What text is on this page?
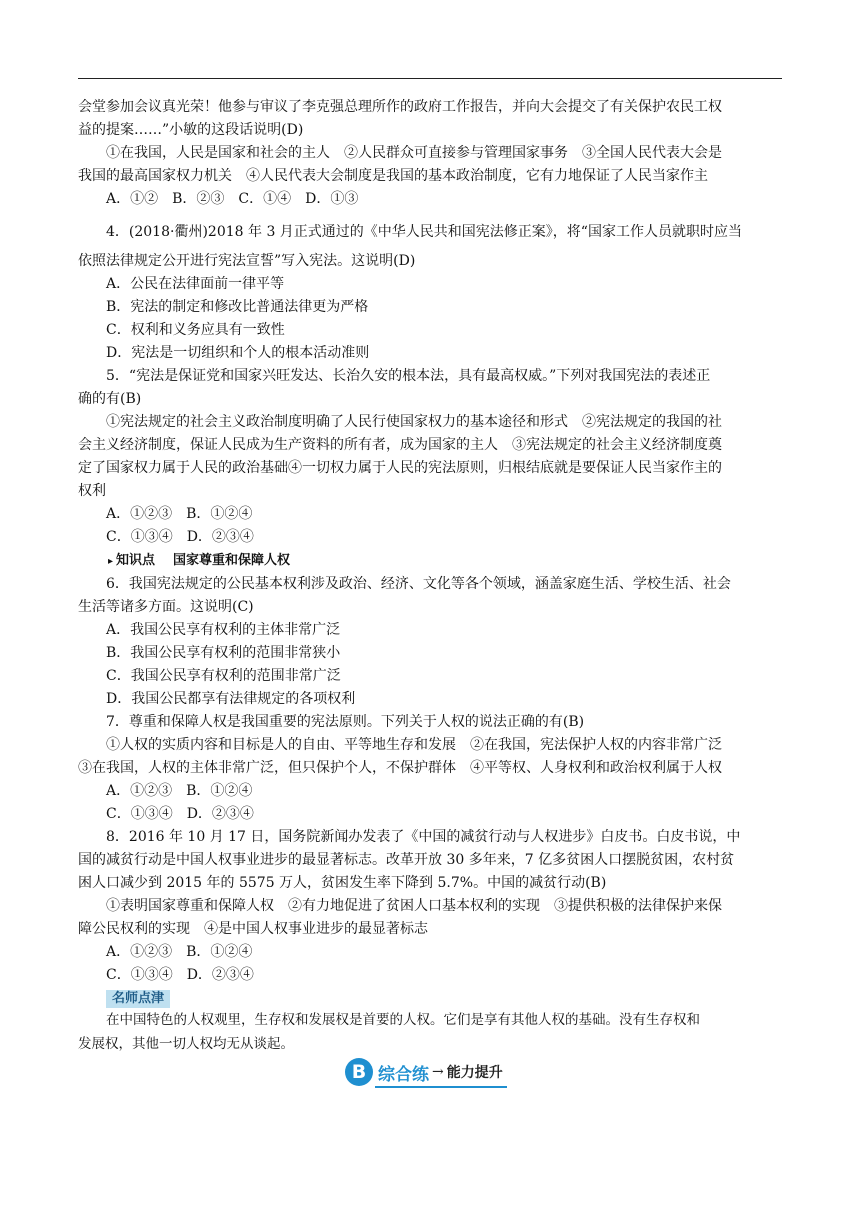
会堂参加会议真光荣！他参与审议了李克强总理所作的政府工作报告，并向大会提交了有关保护农民工权
益的提案……”小敏的这段话说明(D)
①在我国，人民是国家和社会的主人　②人民群众可直接参与管理国家事务　③全国人民代表大会是
我国的最高国家权力机关　④人民代表大会制度是我国的基本政治制度，它有力地保证了人民当家作主
A．①②　B．②③　C．①④　D．①③
4．(2018·衢州)2018 年 3 月正式通过的《中华人民共和国宪法修正案》，将“国家工作人员就职时应当
依照法律规定公开进行宪法宣誓”写入宪法。这说明(D)
A．公民在法律面前一律平等
B．宪法的制定和修改比普通法律更为严格
C．权利和义务应具有一致性
D．宪法是一切组织和个人的根本活动准则
5．“宪法是保证党和国家兴旺发达、长治久安的根本法，具有最高权威。”下列对我国宪法的表述正
确的有(B)
①宪法规定的社会主义政治制度明确了人民行使国家权力的基本途径和形式　②宪法规定的我国的社
会主义经济制度，保证人民成为生产资料的所有者，成为国家的主人　③宪法规定的社会主义经济制度奠
定了国家权力属于人民的政治基础④一切权力属于人民的宪法原则，归根结底就是要保证人民当家作主的
权利
A．①②③　B．①②④
C．①③④　D．②③④
▸ 知识点 国家尊重和保障人权
6．我国宪法规定的公民基本权利涉及政治、经济、文化等各个领域，涵盖家庭生活、学校生活、社会
生活等诸多方面。这说明(C)
A．我国公民享有权利的主体非常广泛
B．我国公民享有权利的范围非常狭小
C．我国公民享有权利的范围非常广泛
D．我国公民都享有法律规定的各项权利
7．尊重和保障人权是我国重要的宪法原则。下列关于人权的说法正确的有(B)
①人权的实质内容和目标是人的自由、平等地生存和发展　②在我国，宪法保护人权的内容非常广泛
③在我国，人权的主体非常广泛，但只保护个人，不保护群体　④平等权、人身权利和政治权利属于人权
A．①②③　B．①②④
C．①③④　D．②③④
8．2016 年 10 月 17 日，国务院新闻办发表了《中国的减贫行动与人权进步》白皮书。白皮书说，中
国的减贫行动是中国人权事业进步的最显著标志。改革开放 30 多年来，7 亿多贫困人口摆脱贫困，农村贫
困人口减少到 2015 年的 5575 万人，贫困发生率下降到 5.7%。中国的减贫行动(B)
①表明国家尊重和保障人权　②有力地促进了贫困人口基本权利的实现　③提供积极的法律保护来保
障公民权利的实现　④是中国人权事业进步的最显著标志
A．①②③　B．①②④
C．①③④　D．②③④
名师点津
在中国特色的人权观里，生存权和发展权是首要的人权。它们是享有其他人权的基础。没有生存权和
发展权，其他一切人权均无从谈起。
B 综合练 → 能力提升
